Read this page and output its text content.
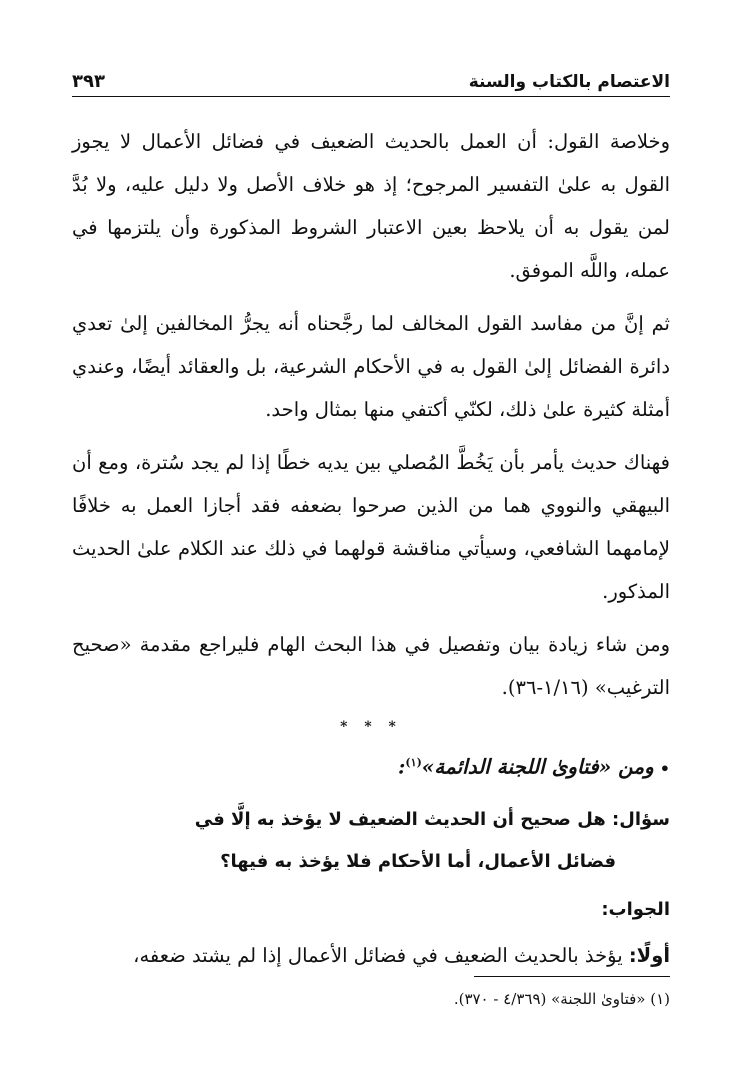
الاعتصام بالكتاب والسنة
٣٩٣

وخلاصة القول: أن العمل بالحديث الضعيف في فضائل الأعمال لا يجوز القول به علىٰ التفسير المرجوح؛ إذ هو خلاف الأصل ولا دليل عليه، ولا بُدَّ لمن يقول به أن يلاحظ بعين الاعتبار الشروط المذكورة وأن يلتزمها في عمله، واللَّه الموفق.

ثم إنَّ من مفاسد القول المخالف لما رجَّحناه أنه يجرُّ المخالفين إلىٰ تعدي دائرة الفضائل إلىٰ القول به في الأحكام الشرعية، بل والعقائد أيضًا، وعندي أمثلة كثيرة علىٰ ذلك، لكنّي أكتفي منها بمثال واحد.

فهناك حديث يأمر بأن يَخُطَّ المُصلي بين يديه خطًا إذا لم يجد سُترة، ومع أن البيهقي والنووي هما من الذين صرحوا بضعفه فقد أجازا العمل به خلافًا لإمامهما الشافعي، وسيأتي مناقشة قولهما في ذلك عند الكلام علىٰ الحديث المذكور.

ومن شاء زيادة بيان وتفصيل في هذا البحث الهام فليراجع مقدمة «صحيح الترغيب» (١/١٦-٣٦).

* * *
•ومن «فتاوىٰ اللجنة الدائمة»$^{(١)}$:
سؤال: هل صحيح أن الحديث الضعيف لا يؤخذ به إلَّا في
فضائل الأعمال، أما الأحكام فلا يؤخذ به فيها؟
الجواب:

أولًا: يؤخذ بالحديث الضعيف في فضائل الأعمال إذا لم يشتد ضعفه،

(١) «فتاوىٰ اللجنة» (٤/٣٦٩ - ٣٧٠).
